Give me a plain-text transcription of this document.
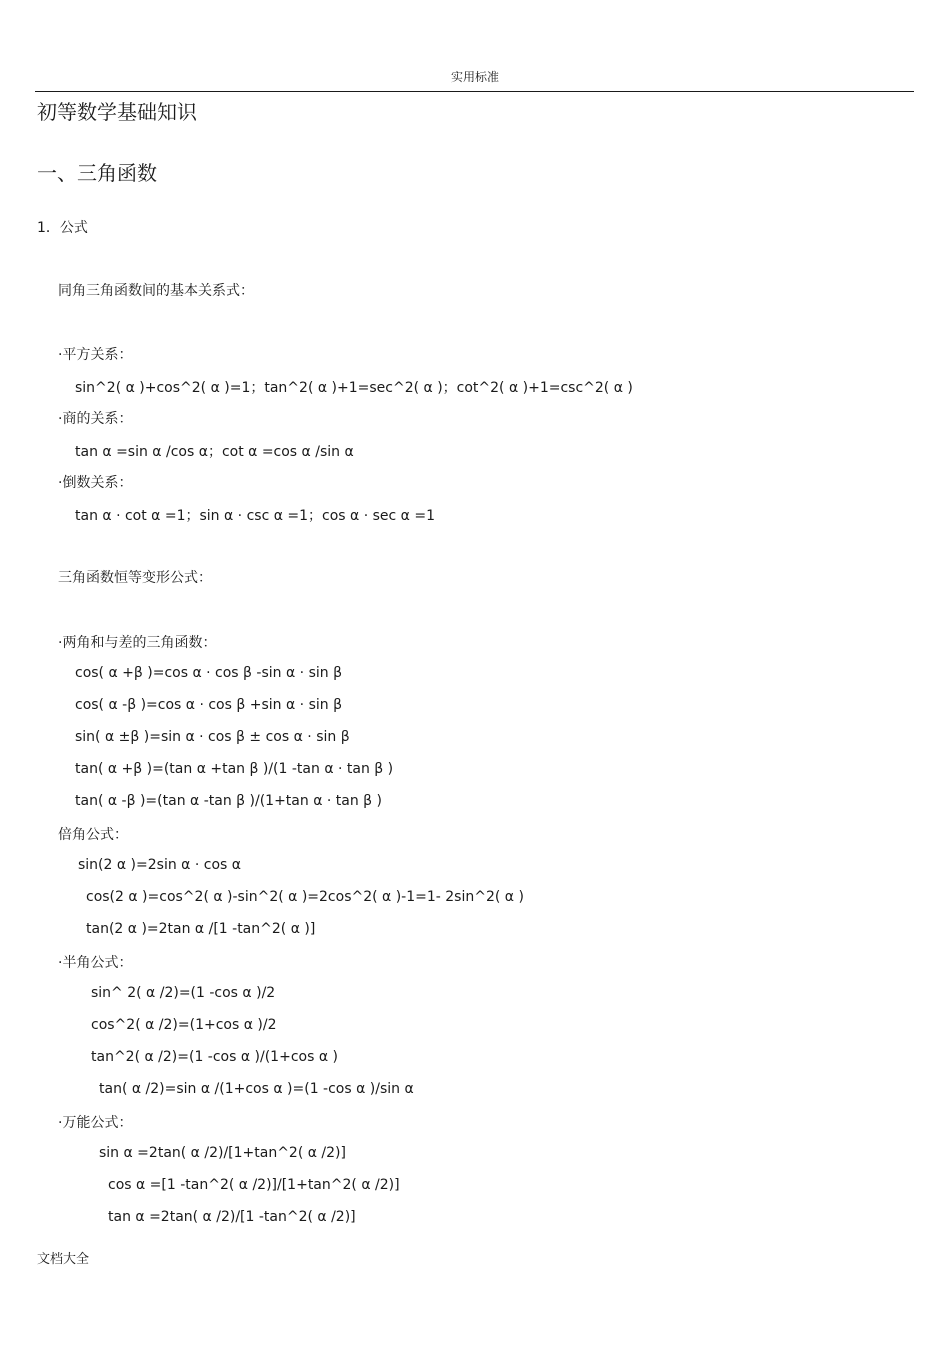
实用标准
初等数学基础知识
一、三角函数
1．公式
同角三角函数间的基本关系式：
·平方关系：
sin^2( α )+cos^2( α )=1；tan^2( α )+1=sec^2( α )；cot^2( α )+1=csc^2( α )
·商的关系：
tan α =sin α /cos α；cot α =cos α /sin α
·倒数关系：
tan α · cot α =1；sin α · csc α =1；cos α · sec α =1
三角函数恒等变形公式：
·两角和与差的三角函数：
cos( α +β )=cos α · cos β -sin α · sin β
cos( α -β )=cos α · cos β +sin α · sin β
sin( α ±β )=sin α · cos β ± cos α · sin β
tan( α +β )=(tan α +tan β )/(1 -tan α · tan β )
tan( α -β )=(tan α -tan β )/(1+tan α · tan β )
倍角公式：
sin(2 α )=2sin α · cos α
cos(2 α )=cos^2( α )-sin^2( α )=2cos^2( α )-1=1- 2sin^2( α )
tan(2 α )=2tan α /[1 -tan^2( α )]
·半角公式：
sin^ 2( α /2)=(1 -cos α )/2
cos^2( α /2)=(1+cos α )/2
tan^2( α /2)=(1 -cos α )/(1+cos α )
tan( α /2)=sin α /(1+cos α )=(1 -cos α )/sin α
·万能公式：
sin α =2tan( α /2)/[1+tan^2( α /2)]
cos α =[1 -tan^2( α /2)]/[1+tan^2( α /2)]
tan α =2tan( α /2)/[1 -tan^2( α /2)]
文档大全
